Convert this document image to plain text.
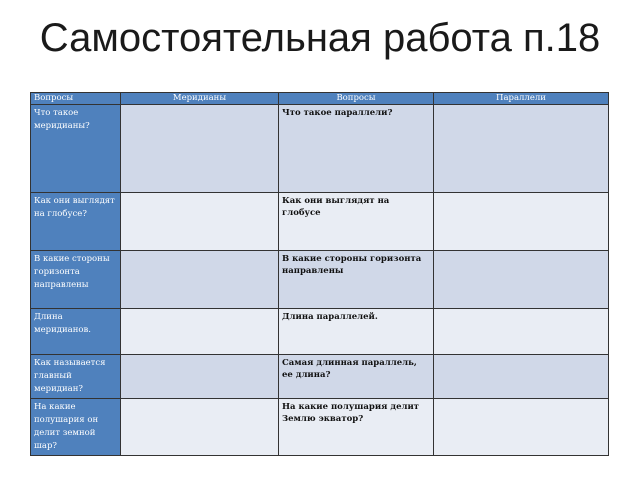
Самостоятельная работа п.18
Вопросы	Меридианы	Вопросы	Параллели
Что такое меридианы?		Что такое параллели?	
Как они выглядят на глобусе?		Как они выглядят на глобусе	
В какие стороны горизонта направлены		В какие стороны горизонта направлены	
Длина меридианов.		Длина параллелей.	
Как называется главный меридиан?		Самая длинная параллель, ее длина?	
На какие полушария он делит земной шар?		На какие полушария делит Землю экватор?	
